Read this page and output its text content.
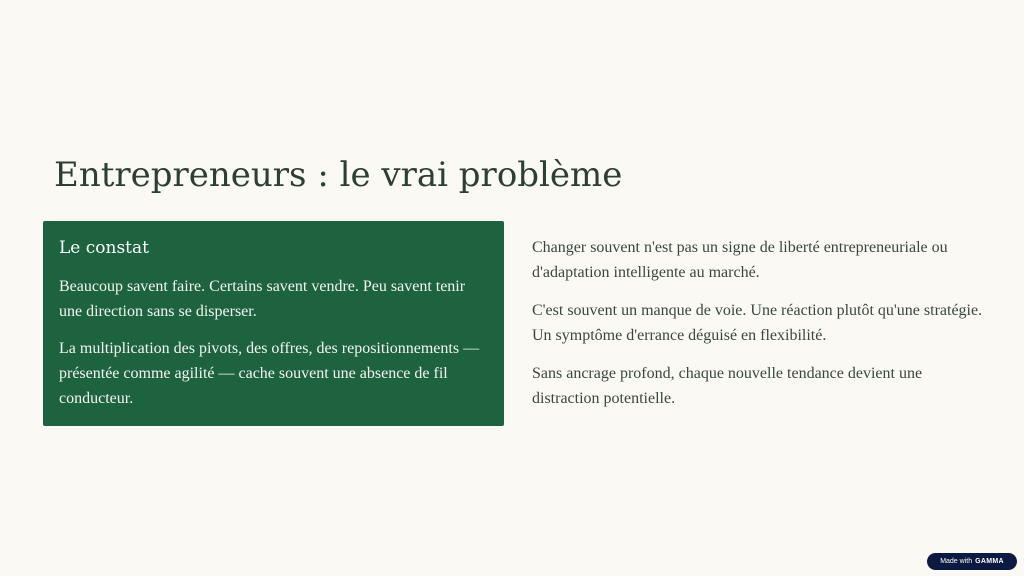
Entrepreneurs : le vrai problème
Le constat

Beaucoup savent faire. Certains savent vendre. Peu savent tenir une direction sans se disperser.

La multiplication des pivots, des offres, des repositionnements — présentée comme agilité — cache souvent une absence de fil conducteur.

Changer souvent n'est pas un signe de liberté entrepreneuriale ou d'adaptation intelligente au marché.

C'est souvent un manque de voie. Une réaction plutôt qu'une stratégie. Un symptôme d'errance déguisé en flexibilité.

Sans ancrage profond, chaque nouvelle tendance devient une distraction potentielle.

Made with GAMMA
